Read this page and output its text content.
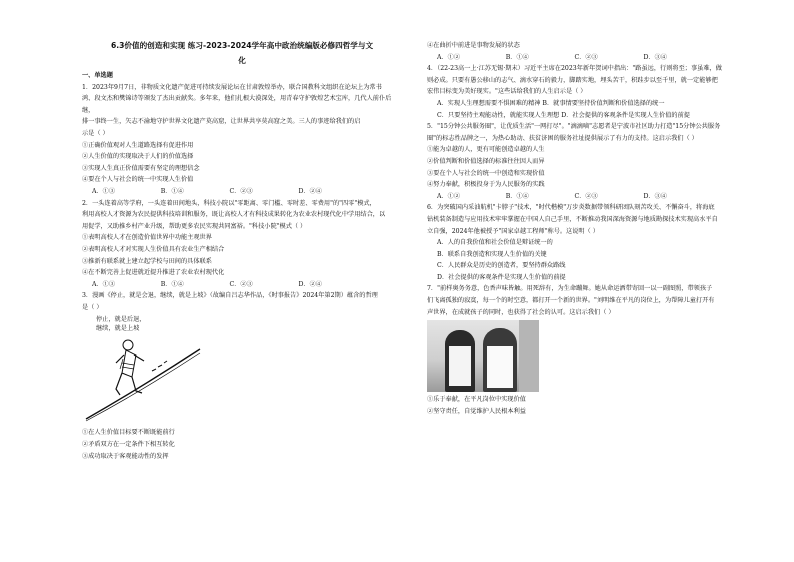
6.3价值的创造和实现 练习-2023-2024学年高中政治统编版必修四哲学与文
化
一、单选题

1．2023年9月7日，非物质文化遗产促进可持续发展论坛在甘肃敦煌举办，联合国教科文组织在论坛上为常书

鸿、段文杰和樊锦诗等颁发了杰出贡献奖。多年来，他们扎根大漠深处，用青春守护敦煌艺术宝库，几代人前仆后继，

排一事终一生，矢志不渝地守护世界文化遗产莫高窟，让世界共享莫高窟之美。三人的事迹给我们的启

示是（ ）

①正确价值观对人生道路选择有促进作用

②人生价值的实现取决于人们的价值选择

③实现人生真正价值需要有坚定的理想信念

④要在个人与社会的统一中实现人生价值

A．①③	B．①④	C．②③	D．②④

2．一头连着高等学府，一头连着田间地头，科技小院以"零距离、零门槛、零时差、零费用"的"四零"模式，

利用高校人才资源为农民提供科技培训和服务，既让高校人才有科技成果转化为农业农村现代化中学用结合，以

用促学，又助推乡村产业升级，帮助更多农民实现共同富裕。"科技小院"模式（ ）

①表明高校人才在创造价值世界中功能主观世界

②表明高校人才对实现人生价值具有农业生产相结合

③推新有联系就上建立起学校与田间的具体联系

④在不断完善上促进就近提升推进了农业农村现代化

A．①③	B．①④	C．②③	D．②④

3．漫画《停止，就是会退，继续，就是上坡》（故编自吕志华作品，《时事报告》2024年第2期）蕴含的哲理

是（ ）

停止，就是后退，
继续，就是上坡

①在人生价值目标要不断既能前行

②矛盾双方在一定条件下相互转化

③成功取决于客观能动性的发挥

④在曲折中前进是事物发展的状态

A．①②	B．①④	C．②③	D．③④

4．（22-23高一上·江苏无锡·期末）习近平主席在2023年新年贺词中指出："路虽远，行则将至；事虽难，做

则必成。只要有愚公移山的志气、滴水穿石的毅力，脚踏实地，埋头苦干，积跬步以至千里，就一定能够把

宏伟目标变为美好现实。"这些话给我们的人生启示是（ ）

A．实现人生理想需要不惧困难的精神 B．就事情要坚持价值判断和价值选择的统一

C．只要坚持主观能动性，就能实现人生理想 D．社会提供的客观条件是实现人生价值的前提

5．"15分钟公共服务圈"，让优质生活"一网打尽"。"滴滴嘀"志愿者是宁波市社区助力打造"15分钟公共服务

圈"的标志性品牌之一，为热心助动、扶贫济困的服务社址提供展示了有力的支持。这启示我们（ ）

①能为卓越的人，更有可能创造卓越的人生

②价值判断和价值选择的标准往往因人而异

③要在个人与社会的统一中创造和实现价值

④努力奉献，积极投身于为人民服务的实践

A．①②	B．①④	C．②③	D．③④

6．为突破国内采油航机"卡脖子"技术，"时代楷模"万步炎数据带领科研团队刻苦攻关、不懈奋斗，将海底

钻机装备制造与应用技术牢牢掌握在中国人自己手里，不断推动我国深海资源与地质勘探技术实现高水平自

立自强，2024年他被授予"国家卓越工程师"称号。这说明（ ）

A．人的自我价值和社会价值是辩证统一的

B．联系自我创造和实现人生价值的关键

C．人民群众是历史的创造者，要坚持群众路线

D．社会提供的客观条件是实现人生价值的前提

7．"前样奥务务意，色香声味皆触。用死辞有，为生命蹦舞。她从命运洒带寄回一以一副图照，带领孩子

们飞离孤独的寂寞，每一个的时空意，都打开一个新的世界。"刘明维在平凡的岗位上，为帮障儿童打开有

声世界，在成就孩子的同时，也获得了社会的认可。这启示我们（ ）

①乐于奉献，在平凡岗位中实现价值

②坚守责任，自觉维护人民根本利益
